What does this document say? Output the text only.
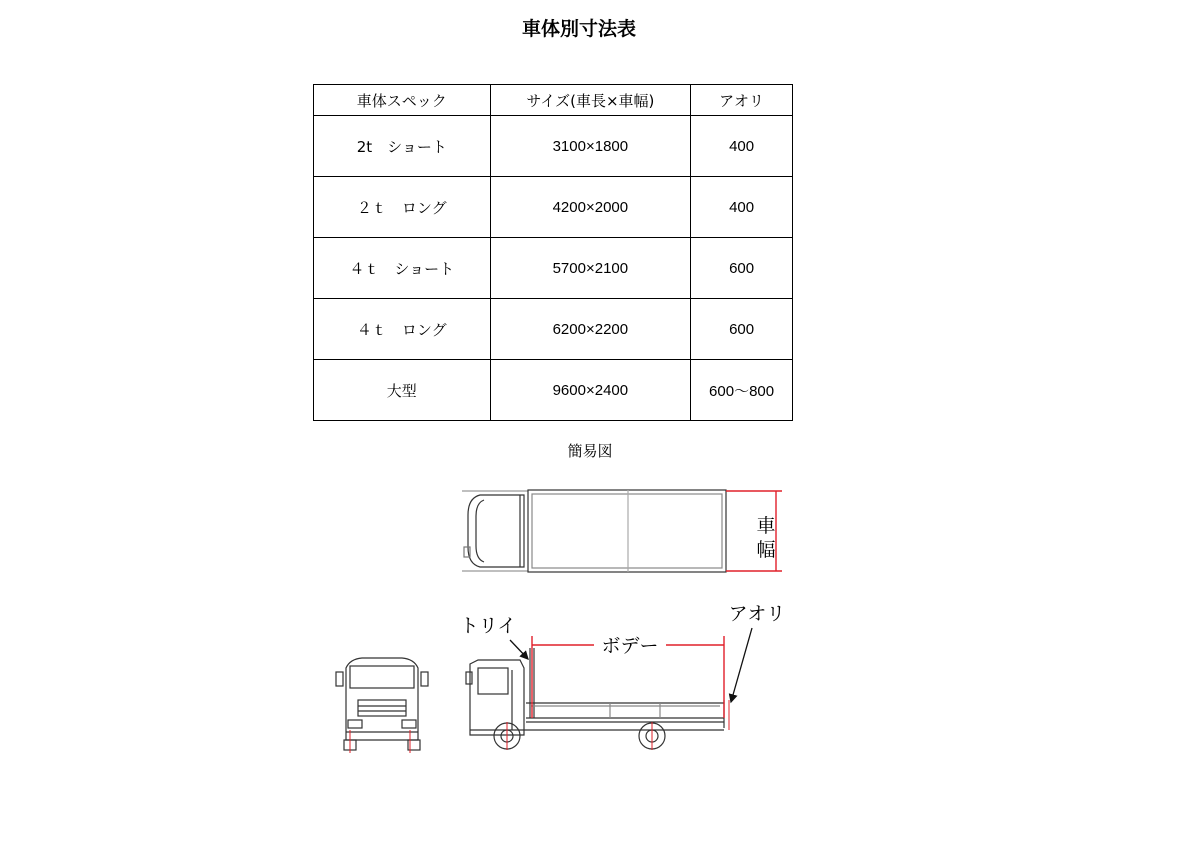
車体別寸法表
車体スペック	サイズ(車長×車幅)	アオリ
2t　ショート	3100×1800	400
２ｔ　ロング	4200×2000	400
４ｔ　ショート	5700×2100	600
４ｔ　ロング	6200×2200	600
大型	9600×2400	600〜800
簡易図
車
幅
ボデー
トリイ
アオリ
